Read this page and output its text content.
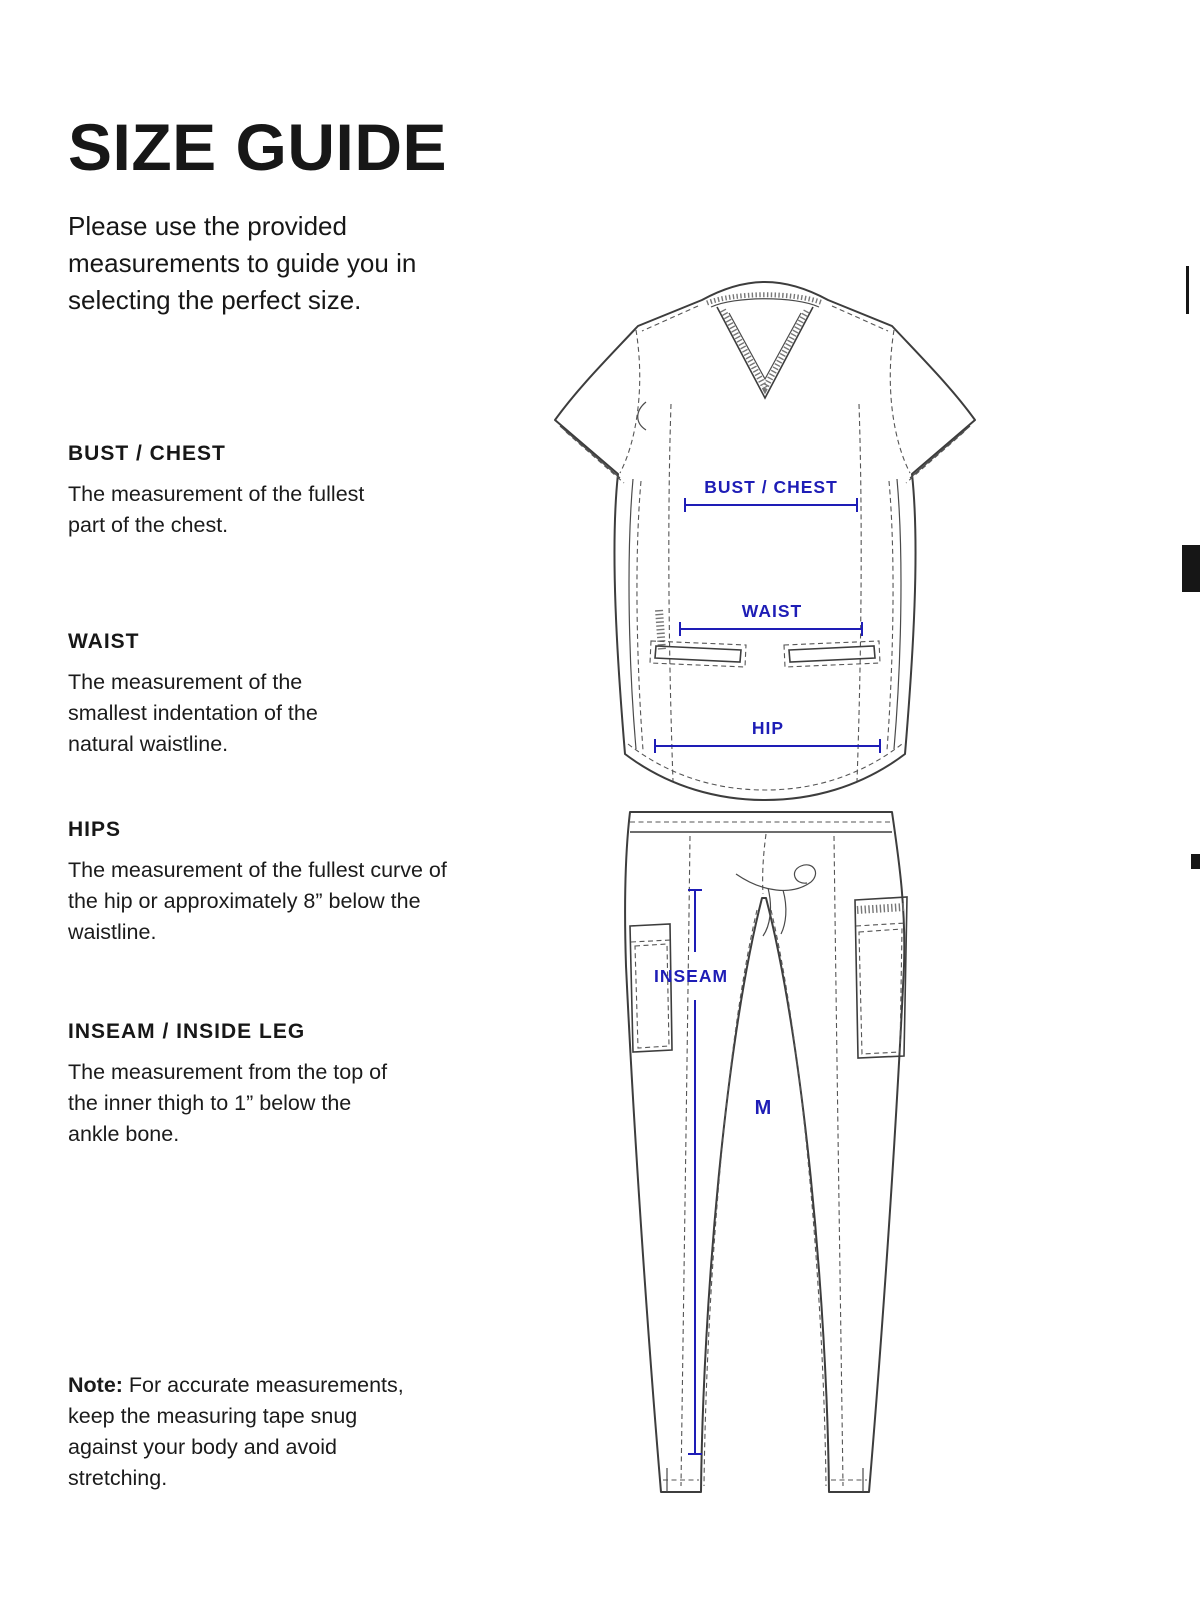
SIZE GUIDE

Please use the provided measurements to guide you in selecting the perfect size.

BUST / CHEST

The measurement of the fullest part of the chest.

WAIST

The measurement of the smallest indentation of the natural waistline.

HIPS

The measurement of the fullest curve of the hip or approximately 8” below the waistline.

INSEAM / INSIDE LEG

The measurement from the top of the inner thigh to 1” below the ankle bone.

Note: For accurate measurements, keep the measuring tape snug against your body and avoid stretching.

BUST / CHEST
WAIST
HIP
INSEAM
M
